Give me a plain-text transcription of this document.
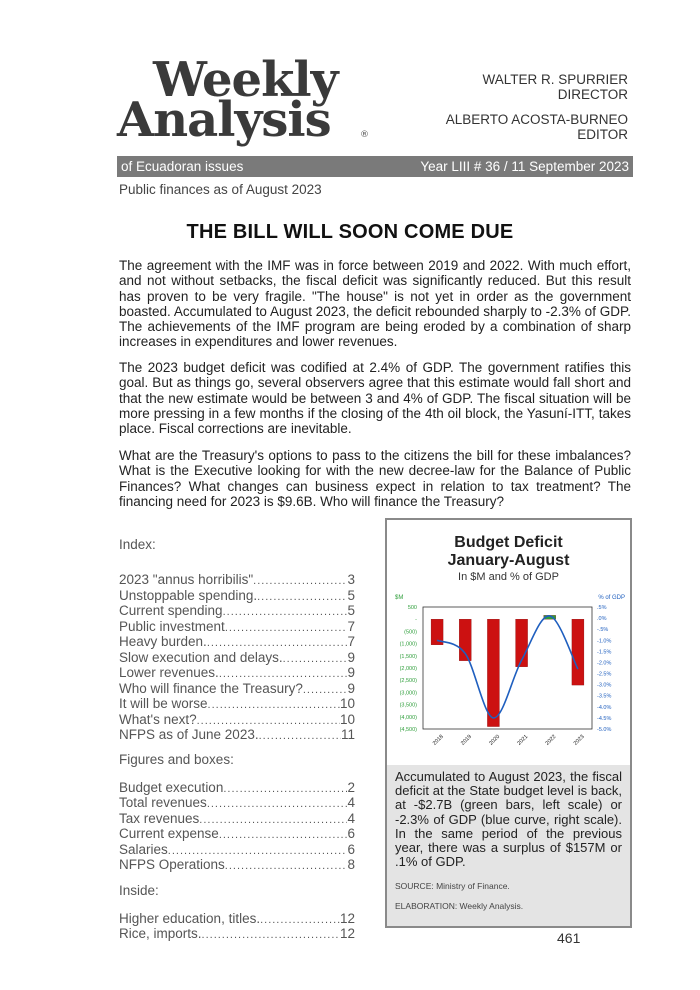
Weekly
Analysis	®
WALTER R. SPURRIER
DIRECTOR
ALBERTO ACOSTA-BURNEO
EDITOR
of Ecuadoran issues	Year LIII # 36 / 11 September 2023
Public finances as of August 2023
THE BILL WILL SOON COME DUE

The agreement with the IMF was in force between 2019 and 2022. With much effort, and not without setbacks, the fiscal deficit was significantly reduced. But this result has proven to be very fragile. "The house" is not yet in order as the government boasted. Accumulated to August 2023, the deficit rebounded sharply to -2.3% of GDP. The achievements of the IMF program are being eroded by a combination of sharp increases in expenditures and lower revenues.

The 2023 budget deficit was codified at 2.4% of GDP. The government ratifies this goal. But as things go, several observers agree that this estimate would fall short and that the new estimate would be between 3 and 4% of GDP. The fiscal situation will be more pressing in a few months if the closing of the 4th oil block, the Yasuní-ITT, takes place. Fiscal corrections are inevitable.

What are the Treasury's options to pass to the citizens the bill for these imbalances? What is the Executive looking for with the new decree-law for the Balance of Public Finances? What changes can business expect in relation to tax treatment? The financing need for 2023 is $9.6B. Who will finance the Treasury?

Index:
2023 "annus horribilis" .....	3
Unstoppable spending. .....	5
Current spending .....	5
Public investment .....	7
Heavy burden. .....	7
Slow execution and delays. .....	9
Lower revenues. .....	9
Who will finance the Treasury? .....	9
It will be worse .....	10
What's next? .....	10
NFPS as of June 2023. .....	11
Figures and boxes:
Budget execution .....	2
Total revenues .....	4
Tax revenues .....	4
Current expense .....	6
Salaries .....	6
NFPS Operations .....	8
Inside:
Higher education, titles. .....	12
Rice, imports. .....	12
Budget Deficit
January-August
In $M and % of GDP
$M	% of GDP
500
-
(500)
(1,000)
(1,500)
(2,000)
(2,500)
(3,000)
(3,500)
(4,000)
(4,500)
.5%
.0%
-.5%
-1.0%
-1.5%
-2.0%
-2.5%
-3.0%
-3.5%
-4.0%
-4.5%
-5.0%
2018	2019	2020	2021	2022	2023
Accumulated to August 2023, the fiscal deficit at the State budget level is back, at -$2.7B (green bars, left scale) or -2.3% of GDP (blue curve, right scale). In the same period of the previous year, there was a surplus of $157M or .1% of GDP.
SOURCE: Ministry of Finance.
ELABORATION: Weekly Analysis.
461
